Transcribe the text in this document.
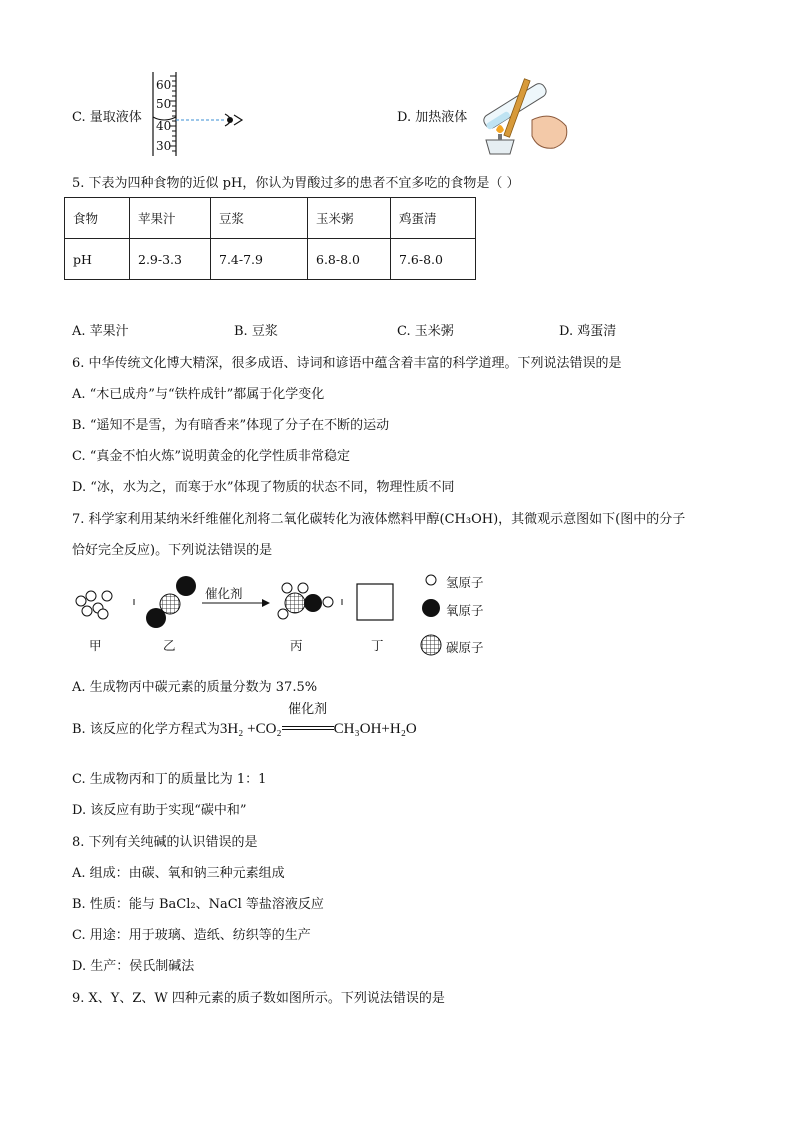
C. 量取液体
60
50
40
30
D. 加热液体
5. 下表为四种食物的近似 pH，你认为胃酸过多的患者不宜多吃的食物是（ ）
食物	苹果汁	豆浆	玉米粥	鸡蛋清
pH	2.9-3.3	7.4-7.9	6.8-8.0	7.6-8.0
A. 苹果汁	B. 豆浆	C. 玉米粥	D. 鸡蛋清
6. 中华传统文化博大精深，很多成语、诗词和谚语中蕴含着丰富的科学道理。下列说法错误的是
A. “木已成舟”与“铁杵成针”都属于化学变化
B. “遥知不是雪，为有暗香来”体现了分子在不断的运动
C. “真金不怕火炼”说明黄金的化学性质非常稳定
D. “冰，水为之，而寒于水”体现了物质的状态不同，物理性质不同
7. 科学家利用某纳米纤维催化剂将二氧化碳转化为液体燃料甲醇(CH₃OH)，其微观示意图如下(图中的分子
恰好完全反应)。下列说法错误的是
催化剂
甲	乙	丙	丁
氢原子
氧原子
碳原子
A. 生成物丙中碳元素的质量分数为 37.5%
B. 该反应的化学方程式为3H₂ +CO₂
催化剂
CH₃OH+H₂O
C. 生成物丙和丁的质量比为 1：1
D. 该反应有助于实现“碳中和”
8. 下列有关纯碱的认识错误的是
A. 组成：由碳、氧和钠三种元素组成
B. 性质：能与 BaCl₂、NaCl 等盐溶液反应
C. 用途：用于玻璃、造纸、纺织等的生产
D. 生产：侯氏制碱法
9. X、Y、Z、W 四种元素的质子数如图所示。下列说法错误的是
